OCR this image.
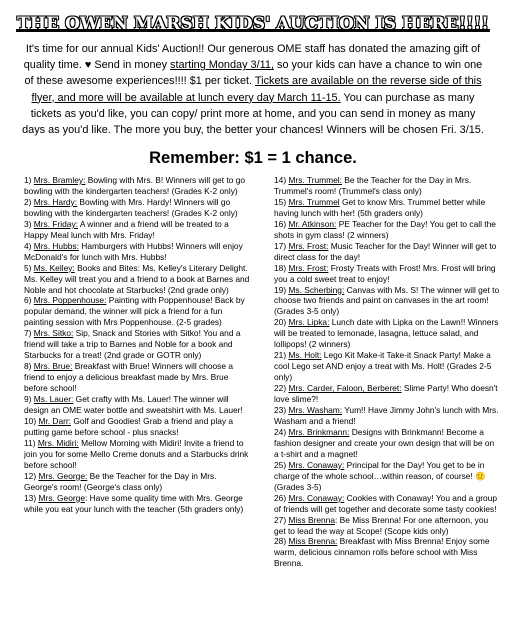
THE OWEN MARSH KIDS' AUCTION IS HERE!!!!
It's time for our annual Kids' Auction!! Our generous OME staff has donated the amazing gift of quality time. ♥ Send in money starting Monday 3/11, so your kids can have a chance to win one of these awesome experiences!!!! $1 per ticket. Tickets are available on the reverse side of this flyer, and more will be available at lunch every day March 11-15. You can purchase as many tickets as you'd like, you can copy/ print more at home, and you can send in money as many days as you'd like. The more you buy, the better your chances! Winners will be chosen Fri. 3/15.
Remember: $1 = 1 chance.
1) Mrs. Bramley: Bowling with Mrs. B! Winners will get to go bowling with the kindergarten teachers! (Grades K-2 only)
2) Mrs. Hardy: Bowling with Mrs. Hardy! Winners will go bowling with the kindergarten teachers! (Grades K-2 only)
3) Mrs. Friday: A winner and a friend will be treated to a Happy Meal lunch with Mrs. Friday!
4) Mrs. Hubbs: Hamburgers with Hubbs! Winners will enjoy McDonald's for lunch with Mrs. Hubbs!
5) Ms. Kelley: Books and Bites: Ms. Kelley's Literary Delight. Ms. Kelley will treat you and a friend to a book at Barnes and Noble and hot chocolate at Starbucks! (2nd grade only)
6) Mrs. Poppenhouse: Painting with Poppenhouse! Back by popular demand, the winner will pick a friend for a fun painting session with Mrs Poppenhouse. (2-5 grades)
7) Mrs. Sitko: Sip, Snack and Stories with Sitko! You and a friend will take a trip to Barnes and Noble for a book and Starbucks for a treat! (2nd grade or GOTR only)
8) Mrs. Brue: Breakfast with Brue! Winners will choose a friend to enjoy a delicious breakfast made by Mrs. Brue before school!
9) Ms. Lauer: Get crafty with Ms. Lauer! The winner will design an OME water bottle and sweatshirt with Ms. Lauer!
10) Mr. Darr: Golf and Goodies! Grab a friend and play a putting game before school - plus snacks!
11) Mrs. Midiri: Mellow Morning with Midiri! Invite a friend to join you for some Mello Creme donuts and a Starbucks drink before school!
12) Mrs. George: Be the Teacher for the Day in Mrs. George's room! (George's class only)
13) Mrs. George: Have some quality time with Mrs. George while you eat your lunch with the teacher (5th graders only)
14) Mrs. Trummel: Be the Teacher for the Day in Mrs. Trummel's room! (Trummel's class only)
15) Mrs. Trummel Get to know Mrs. Trummel better while having lunch with her! (5th graders only)
16) Mr. Atkinson: PE Teacher for the Day! You get to call the shots in gym class! (2 winners)
17) Mrs. Frost: Music Teacher for the Day! Winner will get to direct class for the day!
18) Mrs. Frost: Frosty Treats with Frost! Mrs. Frost will bring you a cold sweet treat to enjoy!
19) Ms. Scherbing: Canvas with Ms. S! The winner will get to choose two friends and paint on canvases in the art room! (Grades 3-5 only)
20) Mrs. Lipka: Lunch date with Lipka on the Lawn!! Winners will be treated to lemonade, lasagna, lettuce salad, and lollipops! (2 winners)
21) Ms. Holt: Lego Kit Make-it Take-it Snack Party! Make a cool Lego set AND enjoy a treat with Ms. Holt! (Grades 2-5 only)
22) Mrs. Carder, Faloon, Berberet: Slime Party! Who doesn't love slime?!
23) Mrs. Washam: Yum!! Have Jimmy John's lunch with Mrs. Washam and a friend!
24) Mrs. Brinkmann: Designs with Brinkmann! Become a fashion designer and create your own design that will be on a t-shirt and a magnet!
25) Mrs. Conaway: Principal for the Day! You get to be in charge of the whole school…within reason, of course! 🙂(Grades 3-5)
26) Mrs. Conaway: Cookies with Conaway! You and a group of friends will get together and decorate some tasty cookies!
27) Miss Brenna: Be Miss Brenna! For one afternoon, you get to lead the way at Scope! (Scope kids only)
28) Miss Brenna: Breakfast with Miss Brenna! Enjoy some warm, delicious cinnamon rolls before school with Miss Brenna.
